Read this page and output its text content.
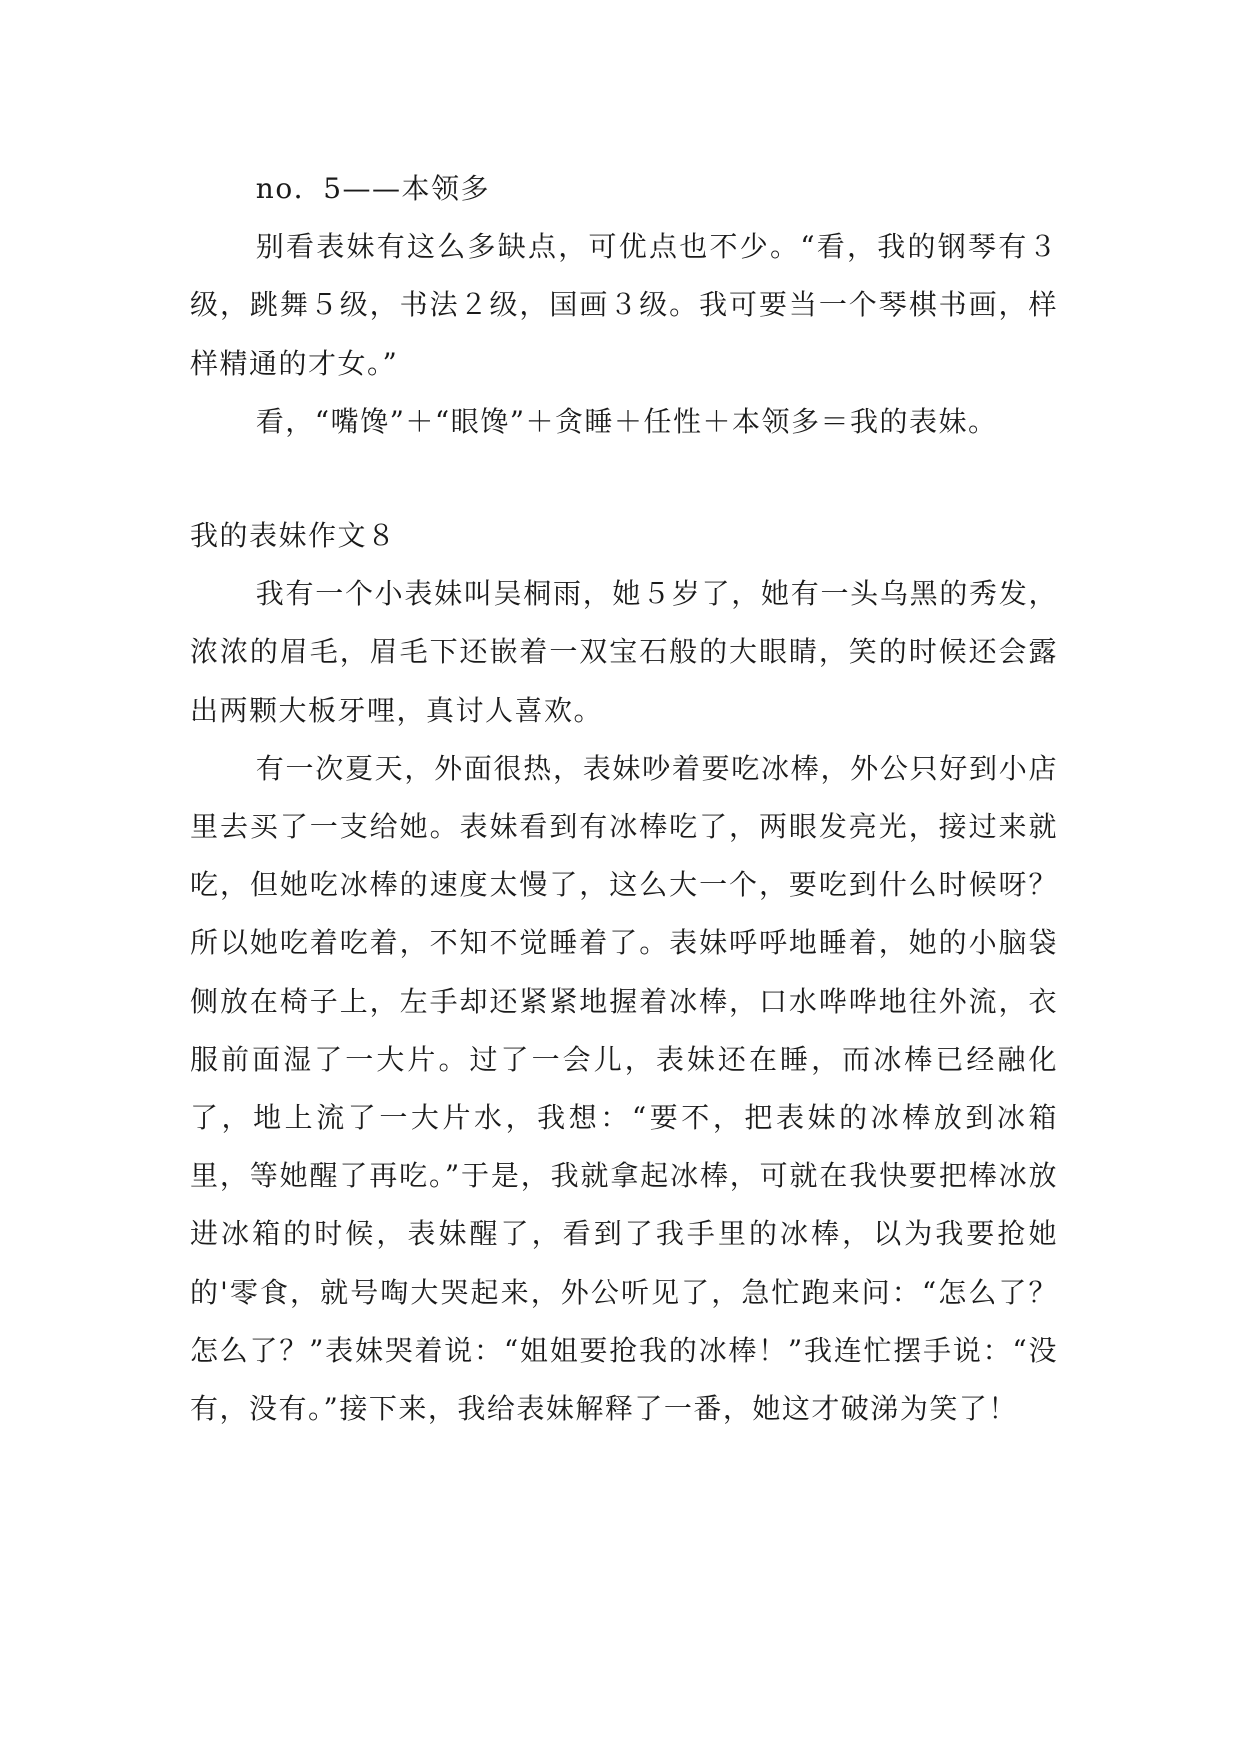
no．5——本领多

别看表妹有这么多缺点，可优点也不少。“看，我的钢琴有３级，跳舞５级，书法２级，国画３级。我可要当一个琴棋书画，样样精通的才女。”

看，“嘴馋”＋“眼馋”＋贪睡＋任性＋本领多＝我的表妹。

我的表妹作文８

我有一个小表妹叫吴桐雨，她５岁了，她有一头乌黑的秀发，浓浓的眉毛，眉毛下还嵌着一双宝石般的大眼睛，笑的时候还会露出两颗大板牙哩，真讨人喜欢。

有一次夏天，外面很热，表妹吵着要吃冰棒，外公只好到小店里去买了一支给她。表妹看到有冰棒吃了，两眼发亮光，接过来就吃，但她吃冰棒的速度太慢了，这么大一个，要吃到什么时候呀？所以她吃着吃着，不知不觉睡着了。表妹呼呼地睡着，她的小脑袋侧放在椅子上，左手却还紧紧地握着冰棒，口水哗哗地往外流，衣服前面湿了一大片。过了一会儿，表妹还在睡，而冰棒已经融化了，地上流了一大片水，我想：“要不，把表妹的冰棒放到冰箱里，等她醒了再吃。”于是，我就拿起冰棒，可就在我快要把棒冰放进冰箱的时候，表妹醒了，看到了我手里的冰棒，以为我要抢她的'零食，就号啕大哭起来，外公听见了，急忙跑来问：“怎么了？怎么了？”表妹哭着说：“姐姐要抢我的冰棒！”我连忙摆手说：“没有，没有。”接下来，我给表妹解释了一番，她这才破涕为笑了！
